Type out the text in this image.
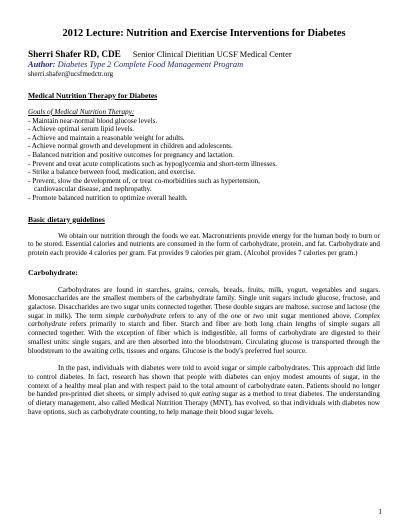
2012 Lecture: Nutrition and Exercise Interventions for Diabetes
Sherri Shafer RD, CDE Senior Clinical Dietitian UCSF Medical Center
Author: Diabetes Type 2 Complete Food Management Program
sherri.shafer@ucsfmedctr.org
Medical Nutrition Therapy for Diabetes
Goals of Medical Nutrition Therapy:
- Maintain near-normal blood glucose levels.
- Achieve optimal serum lipid levels.
- Achieve and maintain a reasonable weight for adults.
- Achieve normal growth and development in children and adolescents.
- Balanced nutrition and positive outcomes for pregnancy and lactation.
- Prevent and treat acute complications such as hypoglycemia and short-term illnesses.
- Strike a balance between food, medication, and exercise.
- Prevent, slow the development of, or treat co-morbidities such as hypertension,
cardiovascular disease, and nephropathy.
- Promote balanced nutrition to optimize overall health.
Basic dietary guidelines

We obtain our nutrition through the foods we eat. Macronutrients provide energy for the human body to burn or to be stored. Essential calories and nutrients are consumed in the form of carbohydrate, protein, and fat. Carbohydrate and protein each provide 4 calories per gram. Fat provides 9 calories per gram. (Alcohol provides 7 calories per gram.)

Carbohydrate:

Carbohydrates are found in starches, grains, cereals, breads, fruits, milk, yogurt, vegetables and sugars. Monosaccharides are the smallest members of the carbohydrate family. Single unit sugars include glucose, fructose, and galactose. Disaccharides are two sugar units connected together. These double sugars are maltose, sucrose and lactose (the sugar in milk). The term simple carbohydrate refers to any of the one or two unit sugar mentioned above. Complex carbohydrate refers primarily to starch and fiber. Starch and fiber are both long chain lengths of simple sugars all connected together. With the exception of fiber which is indigestible, all forms of carbohydrate are digested to their smallest units: single sugars, and are then absorbed into the bloodstream. Circulating glucose is transported through the bloodstream to the awaiting cells, tissues and organs. Glucose is the body's preferred fuel source.

In the past, individuals with diabetes were told to avoid sugar or simple carbohydrates. This approach did little to control diabetes. In fact, research has shown that people with diabetes can enjoy modest amounts of sugar, in the context of a healthy meal plan and with respect paid to the total amount of carbohydrate eaten. Patients should no longer be handed pre-printed diet sheets, or simply advised to quit eating sugar as a method to treat diabetes. The understanding of dietary management, also called Medical Nutrition Therapy (MNT), has evolved, so that individuals with diabetes now have options, such as carbohydrate counting, to help manage their blood sugar levels.

1
